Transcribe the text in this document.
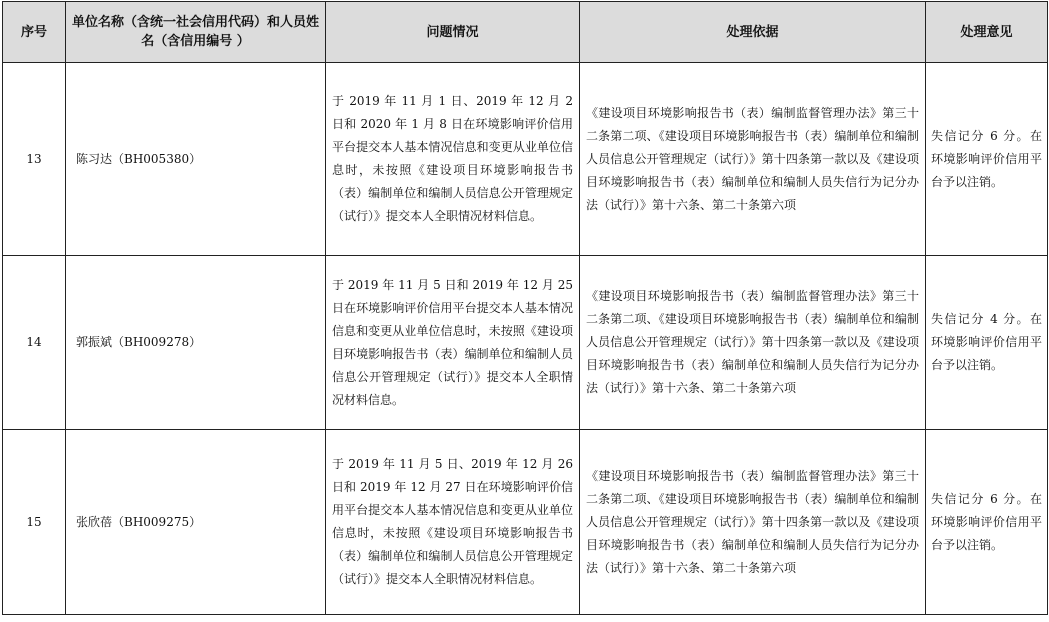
序号	单位名称（含统一社会信用代码）和人员姓名（含信用编号 ）	问题情况	处理依据	处理意见
13	陈习达（BH005380）	于 2019 年 11 月 1 日、2019 年 12 月 2 日和 2020 年 1 月 8 日在环境影响评价信用平台提交本人基本情况信息和变更从业单位信息时，未按照《建设项目环境影响报告书（表）编制单位和编制人员信息公开管理规定（试行）》提交本人全职情况材料信息。	《建设项目环境影响报告书（表）编制监督管理办法》第三十二条第二项、《建设项目环境影响报告书（表）编制单位和编制人员信息公开管理规定（试行）》第十四条第一款以及《建设项目环境影响报告书（表）编制单位和编制人员失信行为记分办法（试行）》第十六条、第二十条第六项	失信记分 6 分。在环境影响评价信用平台予以注销。
14	郭振斌（BH009278）	于 2019 年 11 月 5 日和 2019 年 12 月 25 日在环境影响评价信用平台提交本人基本情况信息和变更从业单位信息时，未按照《建设项目环境影响报告书（表）编制单位和编制人员信息公开管理规定（试行）》提交本人全职情况材料信息。	《建设项目环境影响报告书（表）编制监督管理办法》第三十二条第二项、《建设项目环境影响报告书（表）编制单位和编制人员信息公开管理规定（试行）》第十四条第一款以及《建设项目环境影响报告书（表）编制单位和编制人员失信行为记分办法（试行）》第十六条、第二十条第六项	失信记分 4 分。在环境影响评价信用平台予以注销。
15	张欣蓓（BH009275）	于 2019 年 11 月 5 日、2019 年 12 月 26 日和 2019 年 12 月 27 日在环境影响评价信用平台提交本人基本情况信息和变更从业单位信息时，未按照《建设项目环境影响报告书（表）编制单位和编制人员信息公开管理规定（试行）》提交本人全职情况材料信息。	《建设项目环境影响报告书（表）编制监督管理办法》第三十二条第二项、《建设项目环境影响报告书（表）编制单位和编制人员信息公开管理规定（试行）》第十四条第一款以及《建设项目环境影响报告书（表）编制单位和编制人员失信行为记分办法（试行）》第十六条、第二十条第六项	失信记分 6 分。在环境影响评价信用平台予以注销。
